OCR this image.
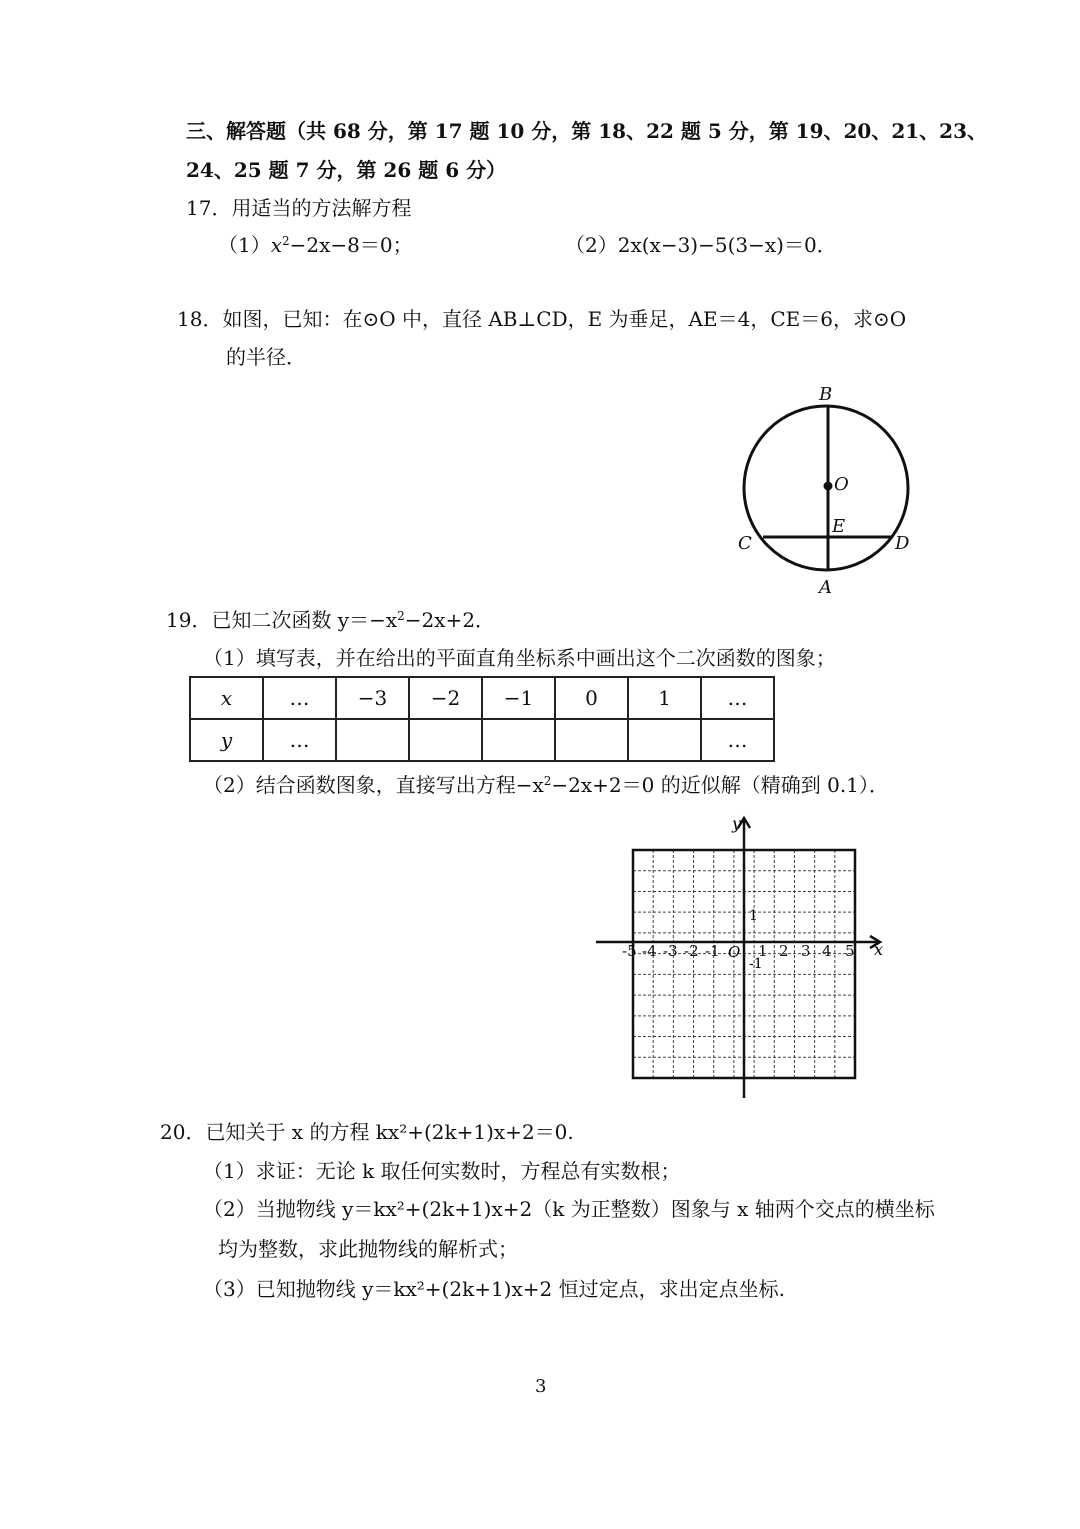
三、解答题（共 68 分，第 17 题 10 分，第 18、22 题 5 分，第 19、20、21、23、
24、25 题 7 分，第 26 题 6 分）
17．用适当的方法解方程
$(1)x^2-2x-8=0$；	（2）2x(x−3)−5(3−x)＝0．
18．如图，已知：在⊙O 中，直径 AB⊥CD，E 为垂足，AE＝4，CE＝6，求⊙O
的半径．
19．已知二次函数 $y=-x^2-2x+2$．
（1）填写表，并在给出的平面直角坐标系中画出这个二次函数的图象；
x	…	−3	−2	−1	0	1	…
y	…						…
（2）结合函数图象，直接写出方程$-x^2-2x+2=0$ 的近似解（精确到 0.1）．
20．已知关于 x 的方程 kx²+(2k+1)x+2＝0.
（1）求证：无论 k 取任何实数时，方程总有实数根；
（2）当抛物线 y＝kx²+(2k+1)x+2（k 为正整数）图象与 x 轴两个交点的横坐标
均为整数，求此抛物线的解析式；
（3）已知抛物线 y＝kx²+(2k+1)x+2 恒过定点，求出定点坐标.
3
B
O
E
C	D
A
-5 -4 -3 -2 -1	1 2 3 4 5 x
y
O
1
-1
